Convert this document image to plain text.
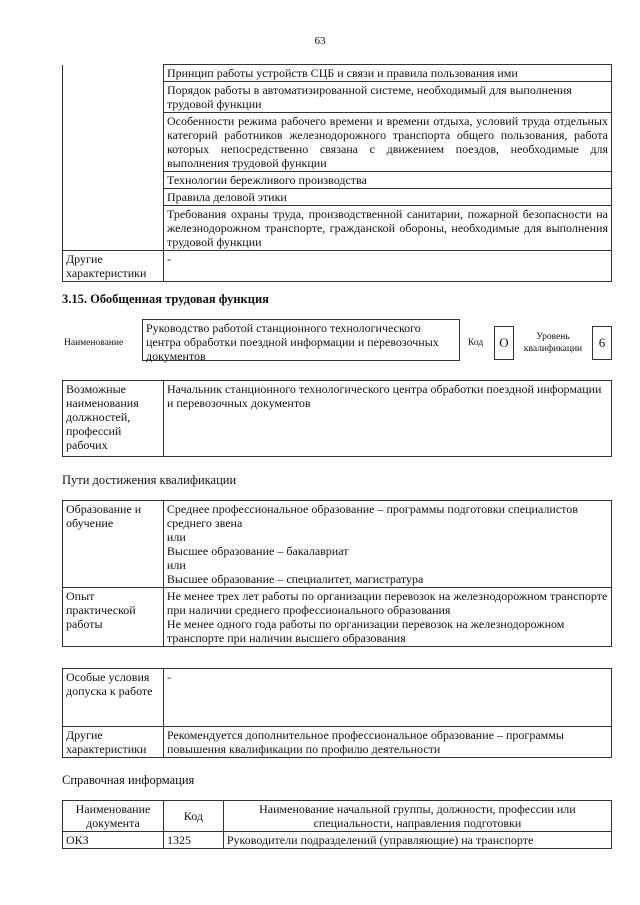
63
	Принцип работы устройств СЦБ и связи и правила пользования ими
	Порядок работы в автоматизированной системе, необходимый для выполнения трудовой функции
	Особенности режима рабочего времени и времени отдыха, условий труда отдельных категорий работников железнодорожного транспорта общего пользования, работа которых непосредственно связана с движением поездов, необходимые для выполнения трудовой функции
	Технологии бережливого производства
	Правила деловой этики
	Требования охраны труда, производственной санитарии, пожарной безопасности на железнодорожном транспорте, гражданской обороны, необходимые для выполнения трудовой функции
Другие характеристики	-
3.15. Обобщенная трудовая функция
Наименование
Руководство работой станционного технологического центра обработки поездной информации и перевозочных документов
Код	О	Уровень квалификации	6
Возможные наименования должностей, профессий рабочих	Начальник станционного технологического центра обработки поездной информации и перевозочных документов
Пути достижения квалификации
Образование и обучение	Среднее профессиональное образование – программы подготовки специалистов среднего звена
или
Высшее образование – бакалавриат
или
Высшее образование – специалитет, магистратура

Опыт практической работы	Не менее трех лет работы по организации перевозок на железнодорожном транспорте при наличии среднего профессионального образования
Не менее одного года работы по организации перевозок на железнодорожном транспорте при наличии высшего образования
Особые условия допуска к работе	-
Другие характеристики	Рекомендуется дополнительное профессиональное образование – программы повышения квалификации по профилю деятельности
Справочная информация
Наименование документа	Код	Наименование начальной группы, должности, профессии или специальности, направления подготовки
ОКЗ	1325	Руководители подразделений (управляющие) на транспорте
